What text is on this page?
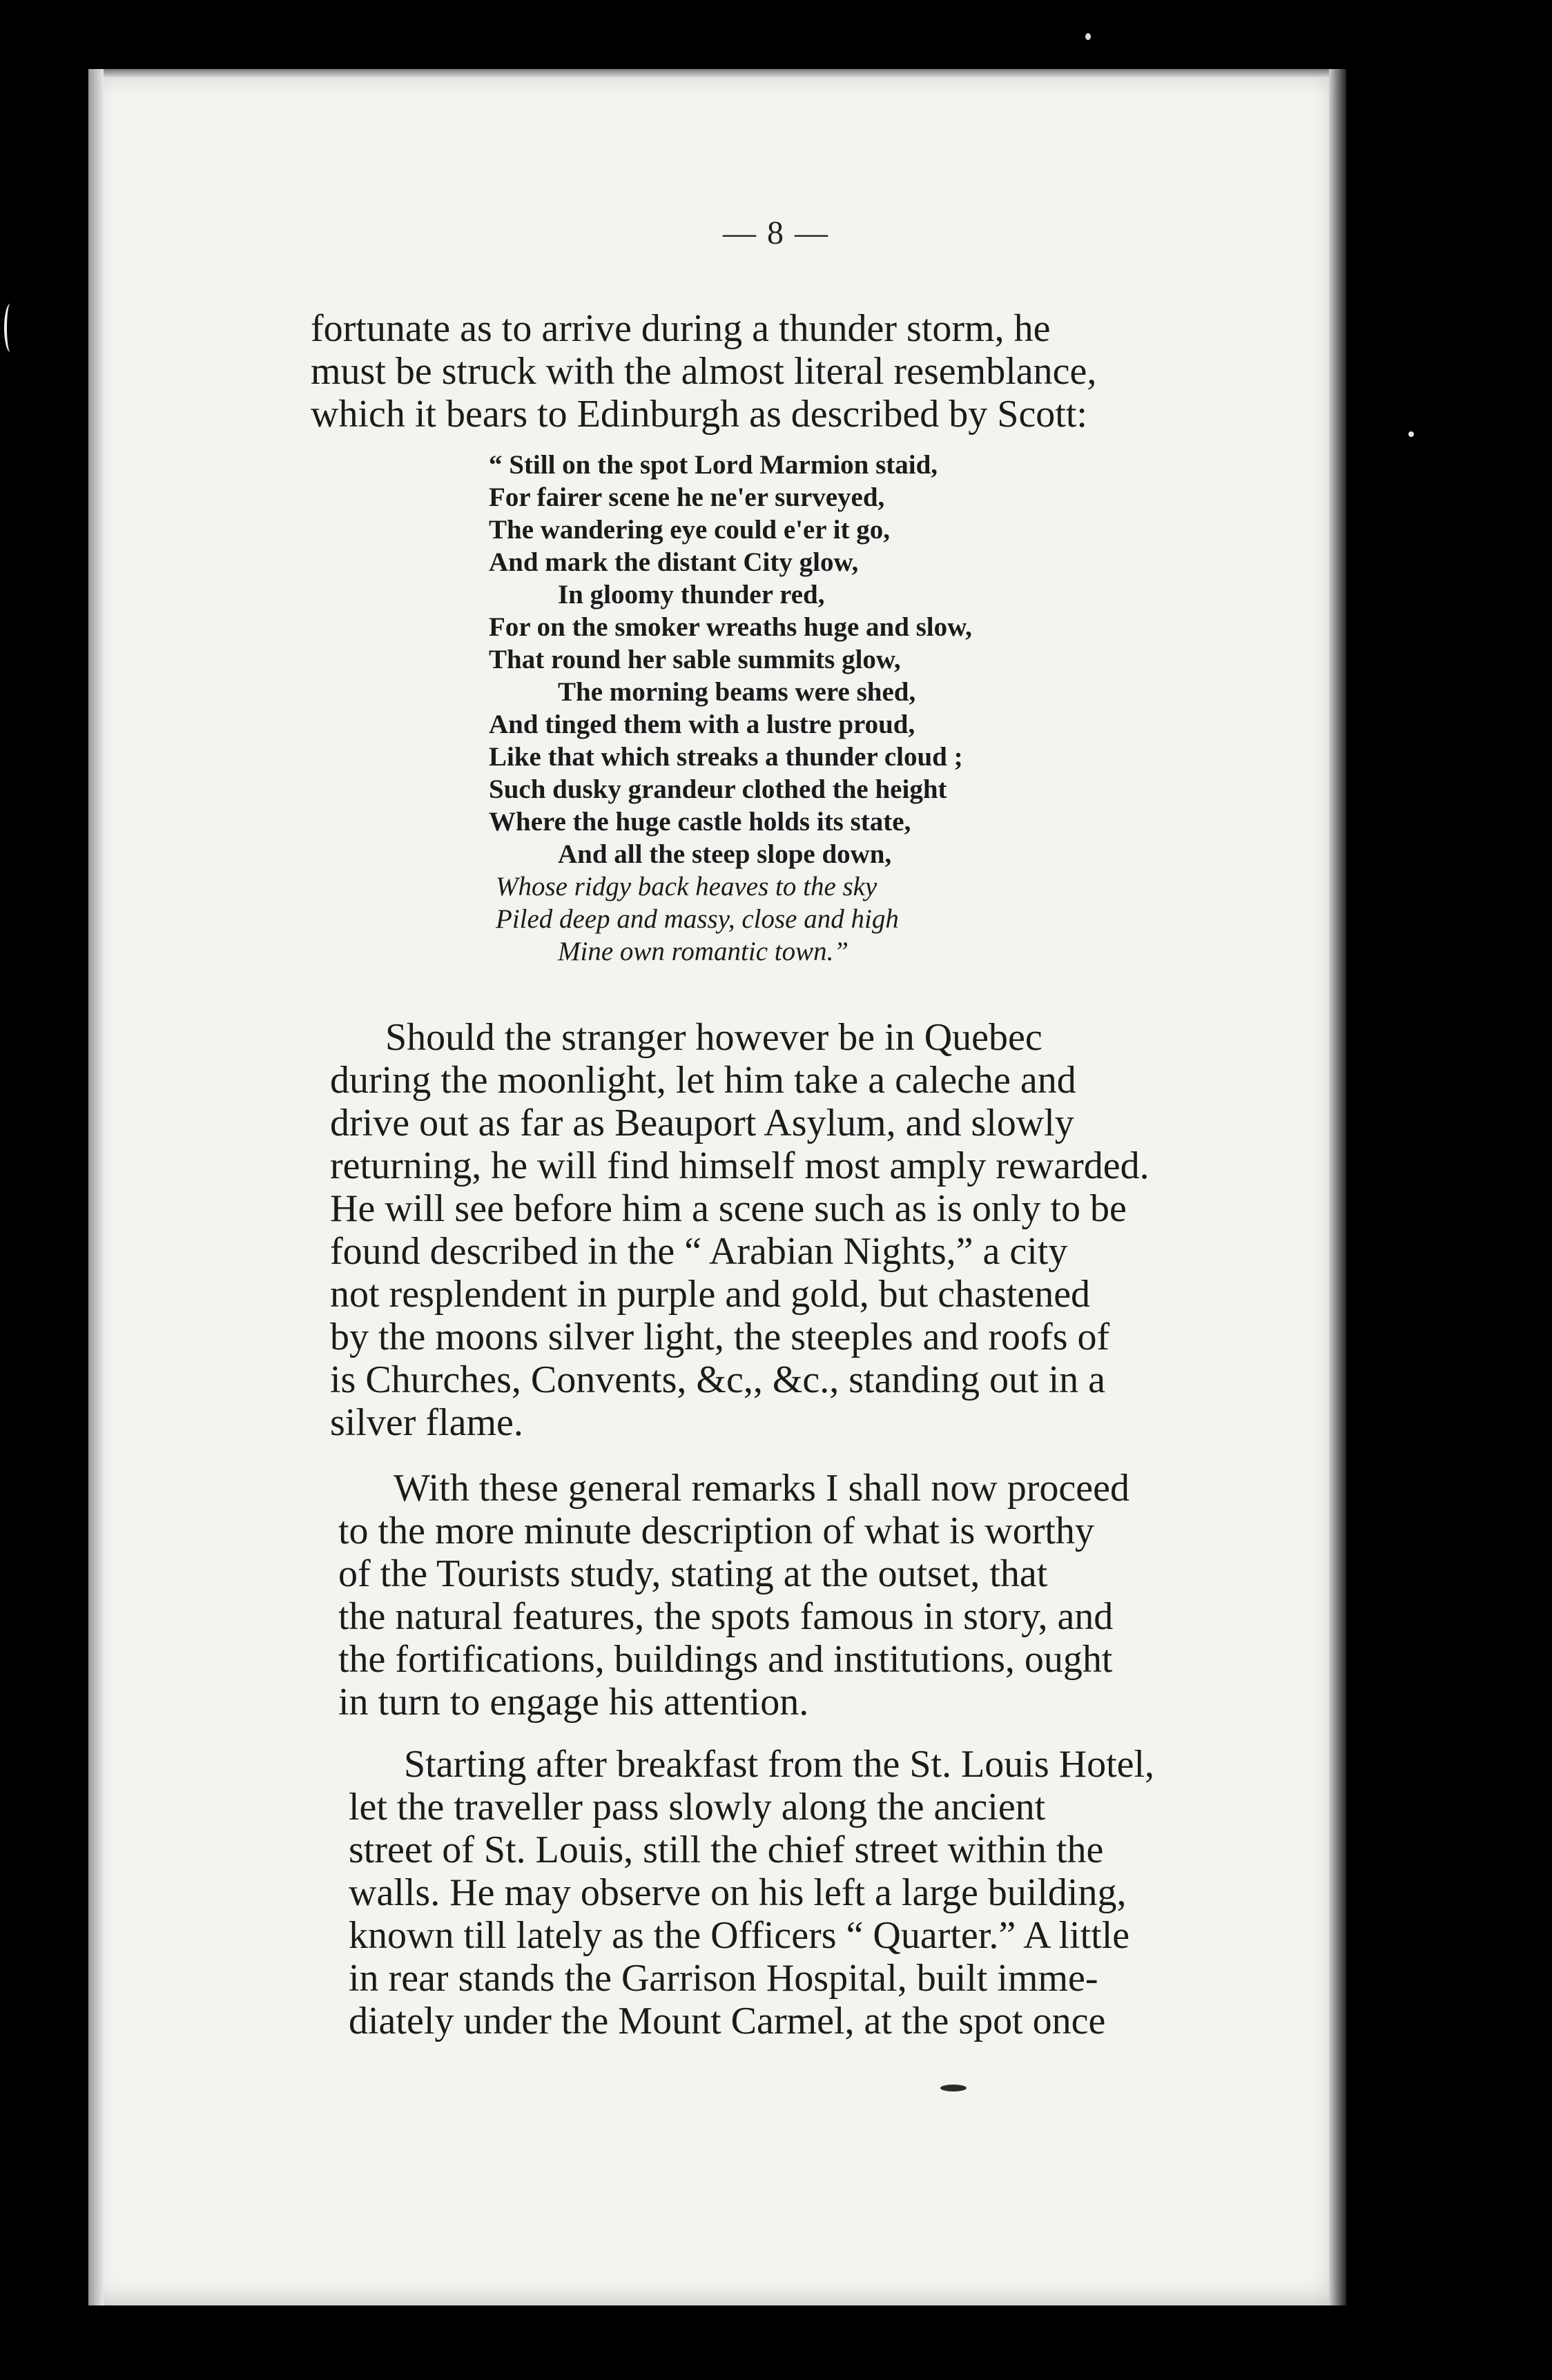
— 8 —

fortunate as to arrive during a thunder storm, he
must be struck with the almost literal resemblance,
which it bears to Edinburgh as described by Scott:

“ Still on the spot Lord Marmion staid,
For fairer scene he ne'er surveyed,
The wandering eye could e'er it go,
And mark the distant City glow,
In gloomy thunder red,
For on the smoker wreaths huge and slow,
That round her sable summits glow,
The morning beams were shed,
And tinged them with a lustre proud,
Like that which streaks a thunder cloud ;
Such dusky grandeur clothed the height
Where the huge castle holds its state,
And all the steep slope down,
Whose ridgy back heaves to the sky
Piled deep and massy, close and high
Mine own romantic town.”

Should the stranger however be in Quebec
during the moonlight, let him take a caleche and
drive out as far as Beauport Asylum, and slowly
returning, he will find himself most amply rewarded.
He will see before him a scene such as is only to be
found described in the “ Arabian Nights,” a city
not resplendent in purple and gold, but chastened
by the moons silver light, the steeples and roofs of
is Churches, Convents, &c,, &c., standing out in a
silver flame.

With these general remarks I shall now proceed
to the more minute description of what is worthy
of the Tourists study, stating at the outset, that
the natural features, the spots famous in story, and
the fortifications, buildings and institutions, ought
in turn to engage his attention.

Starting after breakfast from the St. Louis Hotel,
let the traveller pass slowly along the ancient
street of St. Louis, still the chief street within the
walls. He may observe on his left a large building,
known till lately as the Officers “ Quarter.” A little
in rear stands the Garrison Hospital, built imme-
diately under the Mount Carmel, at the spot once
